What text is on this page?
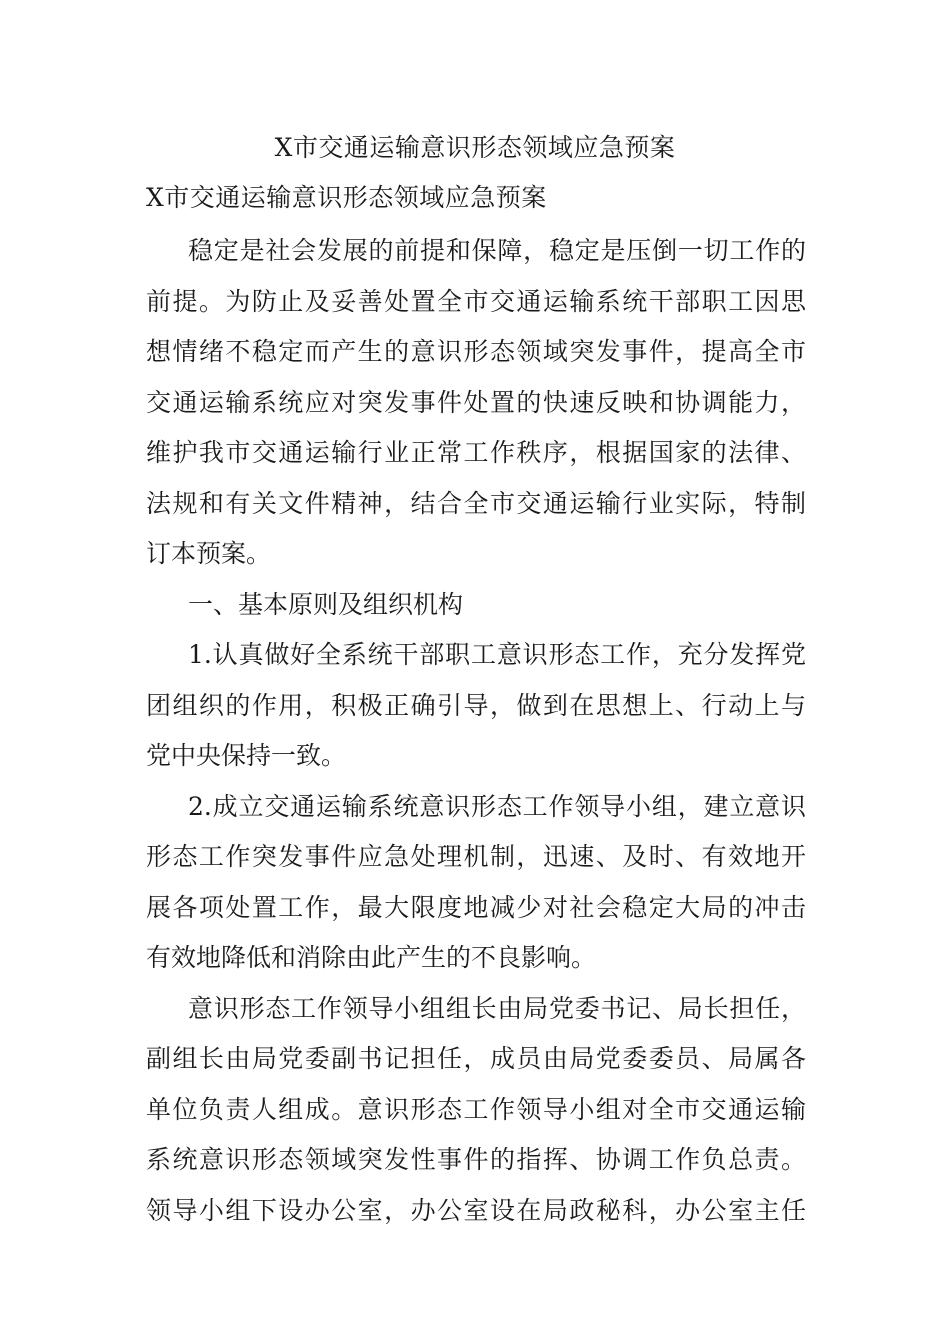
X市交通运输意识形态领域应急预案
X市交通运输意识形态领域应急预案
稳定是社会发展的前提和保障，稳定是压倒一切工作的
前提。为防止及妥善处置全市交通运输系统干部职工因思
想情绪不稳定而产生的意识形态领域突发事件，提高全市
交通运输系统应对突发事件处置的快速反映和协调能力，
维护我市交通运输行业正常工作秩序，根据国家的法律、
法规和有关文件精神，结合全市交通运输行业实际，特制
订本预案。
一、基本原则及组织机构
1.认真做好全系统干部职工意识形态工作，充分发挥党
团组织的作用，积极正确引导，做到在思想上、行动上与
党中央保持一致。
2.成立交通运输系统意识形态工作领导小组，建立意识
形态工作突发事件应急处理机制，迅速、及时、有效地开
展各项处置工作，最大限度地减少对社会稳定大局的冲击
有效地降低和消除由此产生的不良影响。
意识形态工作领导小组组长由局党委书记、局长担任，
副组长由局党委副书记担任，成员由局党委委员、局属各
单位负责人组成。意识形态工作领导小组对全市交通运输
系统意识形态领域突发性事件的指挥、协调工作负总责。
领导小组下设办公室，办公室设在局政秘科，办公室主任
